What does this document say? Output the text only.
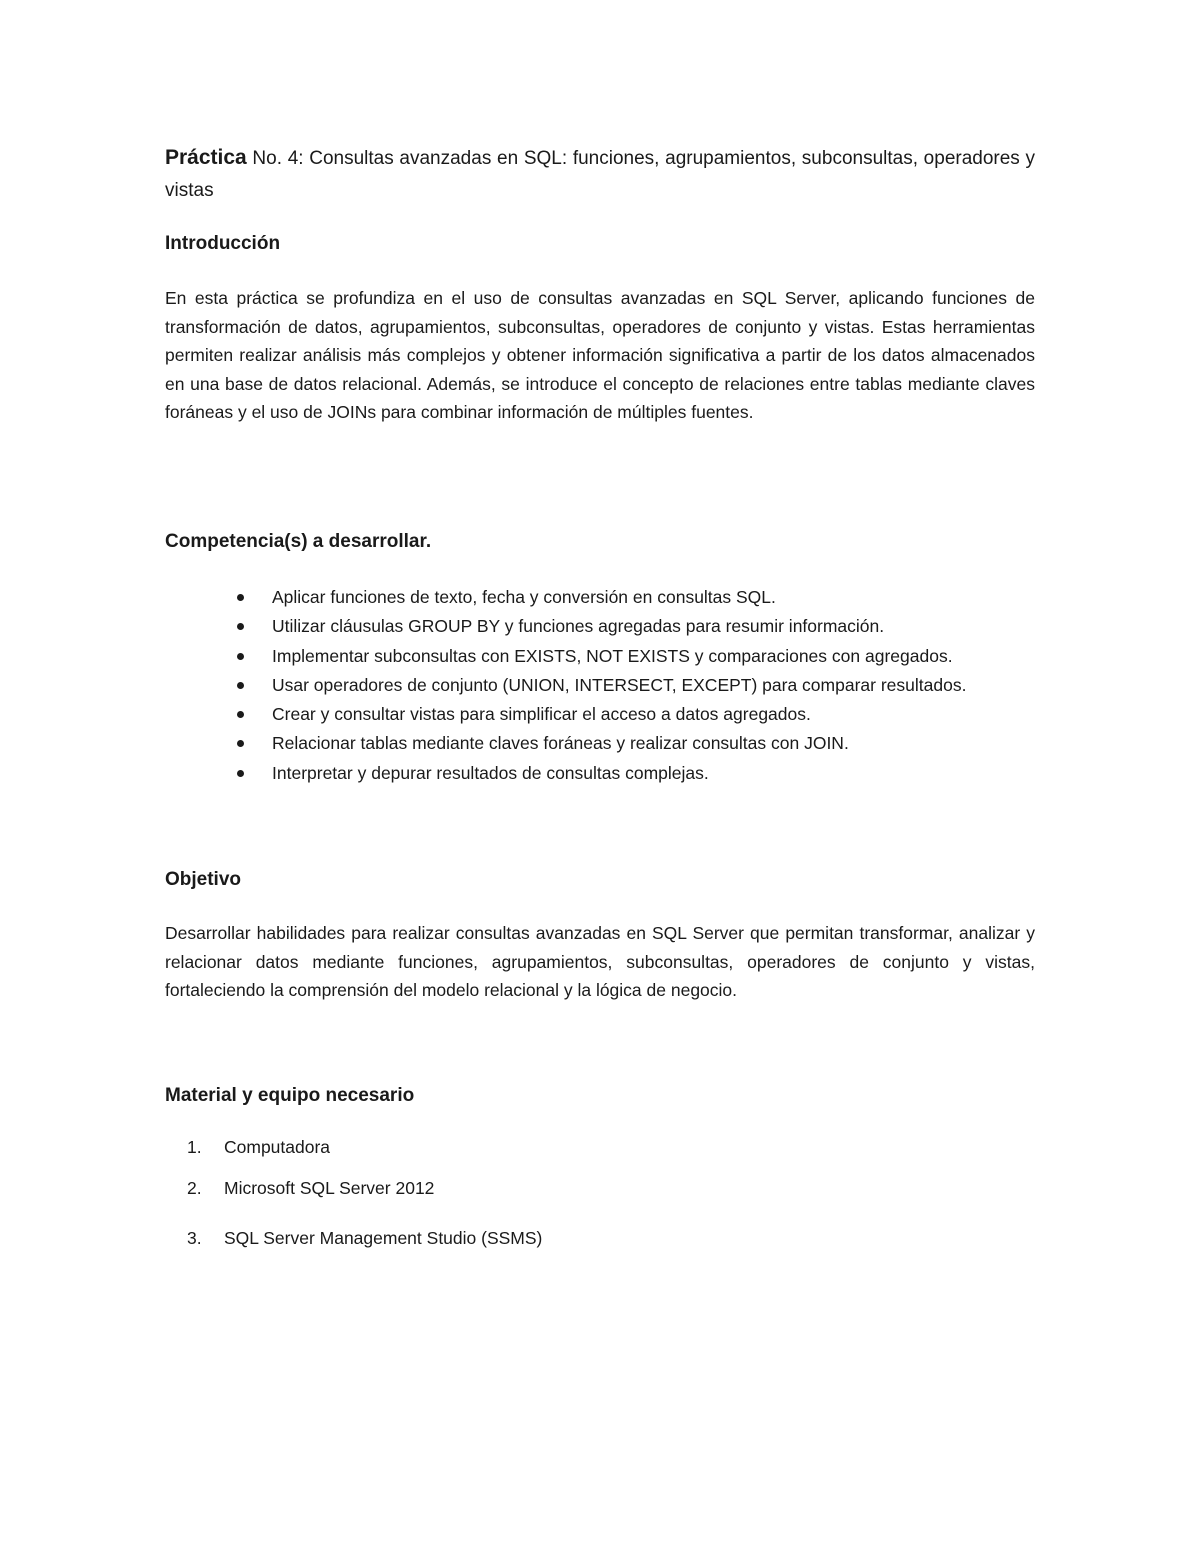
Práctica No. 4: Consultas avanzadas en SQL: funciones, agrupamientos, subconsultas, operadores y vistas
Introducción
En esta práctica se profundiza en el uso de consultas avanzadas en SQL Server, aplicando funciones de transformación de datos, agrupamientos, subconsultas, operadores de conjunto y vistas. Estas herramientas permiten realizar análisis más complejos y obtener información significativa a partir de los datos almacenados en una base de datos relacional. Además, se introduce el concepto de relaciones entre tablas mediante claves foráneas y el uso de JOINs para combinar información de múltiples fuentes.
Competencia(s) a desarrollar.
Aplicar funciones de texto, fecha y conversión en consultas SQL.
Utilizar cláusulas GROUP BY y funciones agregadas para resumir información.
Implementar subconsultas con EXISTS, NOT EXISTS y comparaciones con agregados.
Usar operadores de conjunto (UNION, INTERSECT, EXCEPT) para comparar resultados.
Crear y consultar vistas para simplificar el acceso a datos agregados.
Relacionar tablas mediante claves foráneas y realizar consultas con JOIN.
Interpretar y depurar resultados de consultas complejas.
Objetivo
Desarrollar habilidades para realizar consultas avanzadas en SQL Server que permitan transformar, analizar y relacionar datos mediante funciones, agrupamientos, subconsultas, operadores de conjunto y vistas, fortaleciendo la comprensión del modelo relacional y la lógica de negocio.
Material y equipo necesario
1. Computadora
2. Microsoft SQL Server 2012
3. SQL Server Management Studio (SSMS)
